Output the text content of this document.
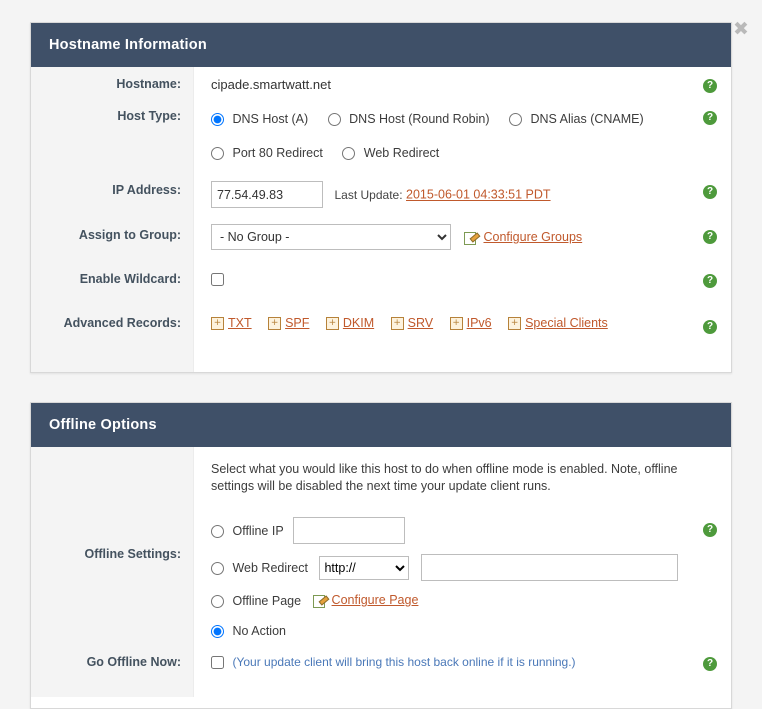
✖
Hostname Information
Hostname:	cipade.smartwatt.net
?
Host Type:	DNS Host (A)	DNS Host (Round Robin)	DNS Alias (CNAME)
Port 80 Redirect	Web Redirect
?
IP Address:
77.54.49.83	Last Update: 2015-06-01 04:33:51 PDT
?
Assign to Group:
- No Group -	Configure Groups
?
Enable Wildcard:
?
Advanced Records:	+ TXT + SPF + DKIM + SRV + IPv6 + Special Clients
?
Offline Options
Select what you would like this host to do when offline mode is enabled. Note, offline settings will be disabled the next time your update client runs.
Offline Settings:
Offline IP
Web Redirect
http://
Offline Page Configure Page
No Action
?
Go Offline Now:	(Your update client will bring this host back online if it is running.)
?
